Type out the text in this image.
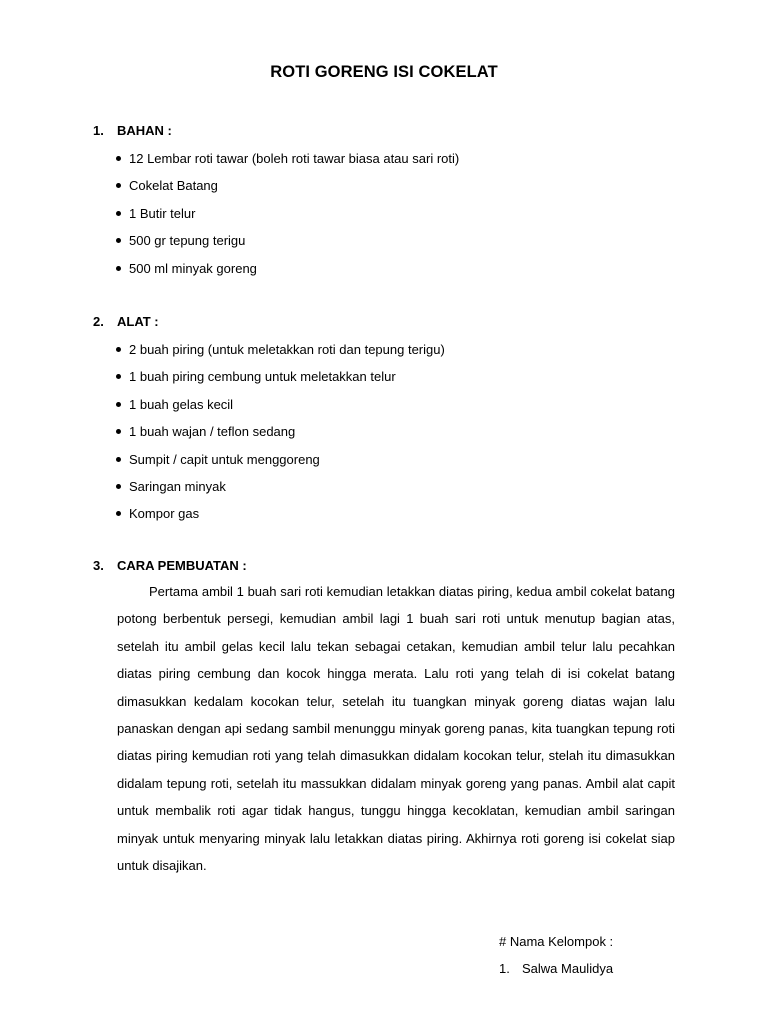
ROTI GORENG ISI COKELAT
1.	BAHAN :
12 Lembar roti tawar (boleh roti tawar biasa atau sari roti)
Cokelat Batang
1 Butir telur
500 gr tepung terigu
500 ml minyak goreng
2.	ALAT :
2 buah piring (untuk meletakkan roti dan tepung terigu)
1 buah piring cembung untuk meletakkan telur
1 buah gelas kecil
1 buah wajan / teflon sedang
Sumpit / capit untuk menggoreng
Saringan minyak
Kompor gas
3.	CARA PEMBUATAN :

Pertama ambil 1 buah sari roti kemudian letakkan diatas piring, kedua ambil cokelat batang potong berbentuk persegi, kemudian ambil lagi 1 buah sari roti untuk menutup bagian atas, setelah itu ambil gelas kecil lalu tekan sebagai cetakan, kemudian ambil telur lalu pecahkan diatas piring cembung dan kocok hingga merata. Lalu roti yang telah di isi cokelat batang dimasukkan kedalam kocokan telur, setelah itu tuangkan minyak goreng diatas wajan lalu panaskan dengan api sedang sambil menunggu minyak goreng panas, kita tuangkan tepung roti diatas piring kemudian roti yang telah dimasukkan didalam kocokan telur, stelah itu dimasukkan didalam tepung roti, setelah itu massukkan didalam minyak goreng yang panas. Ambil alat capit untuk membalik roti agar tidak hangus, tunggu hingga kecoklatan, kemudian ambil saringan minyak untuk menyaring minyak lalu letakkan diatas piring. Akhirnya roti goreng isi cokelat siap untuk disajikan.

# Nama Kelompok :
1. Salwa Maulidya
